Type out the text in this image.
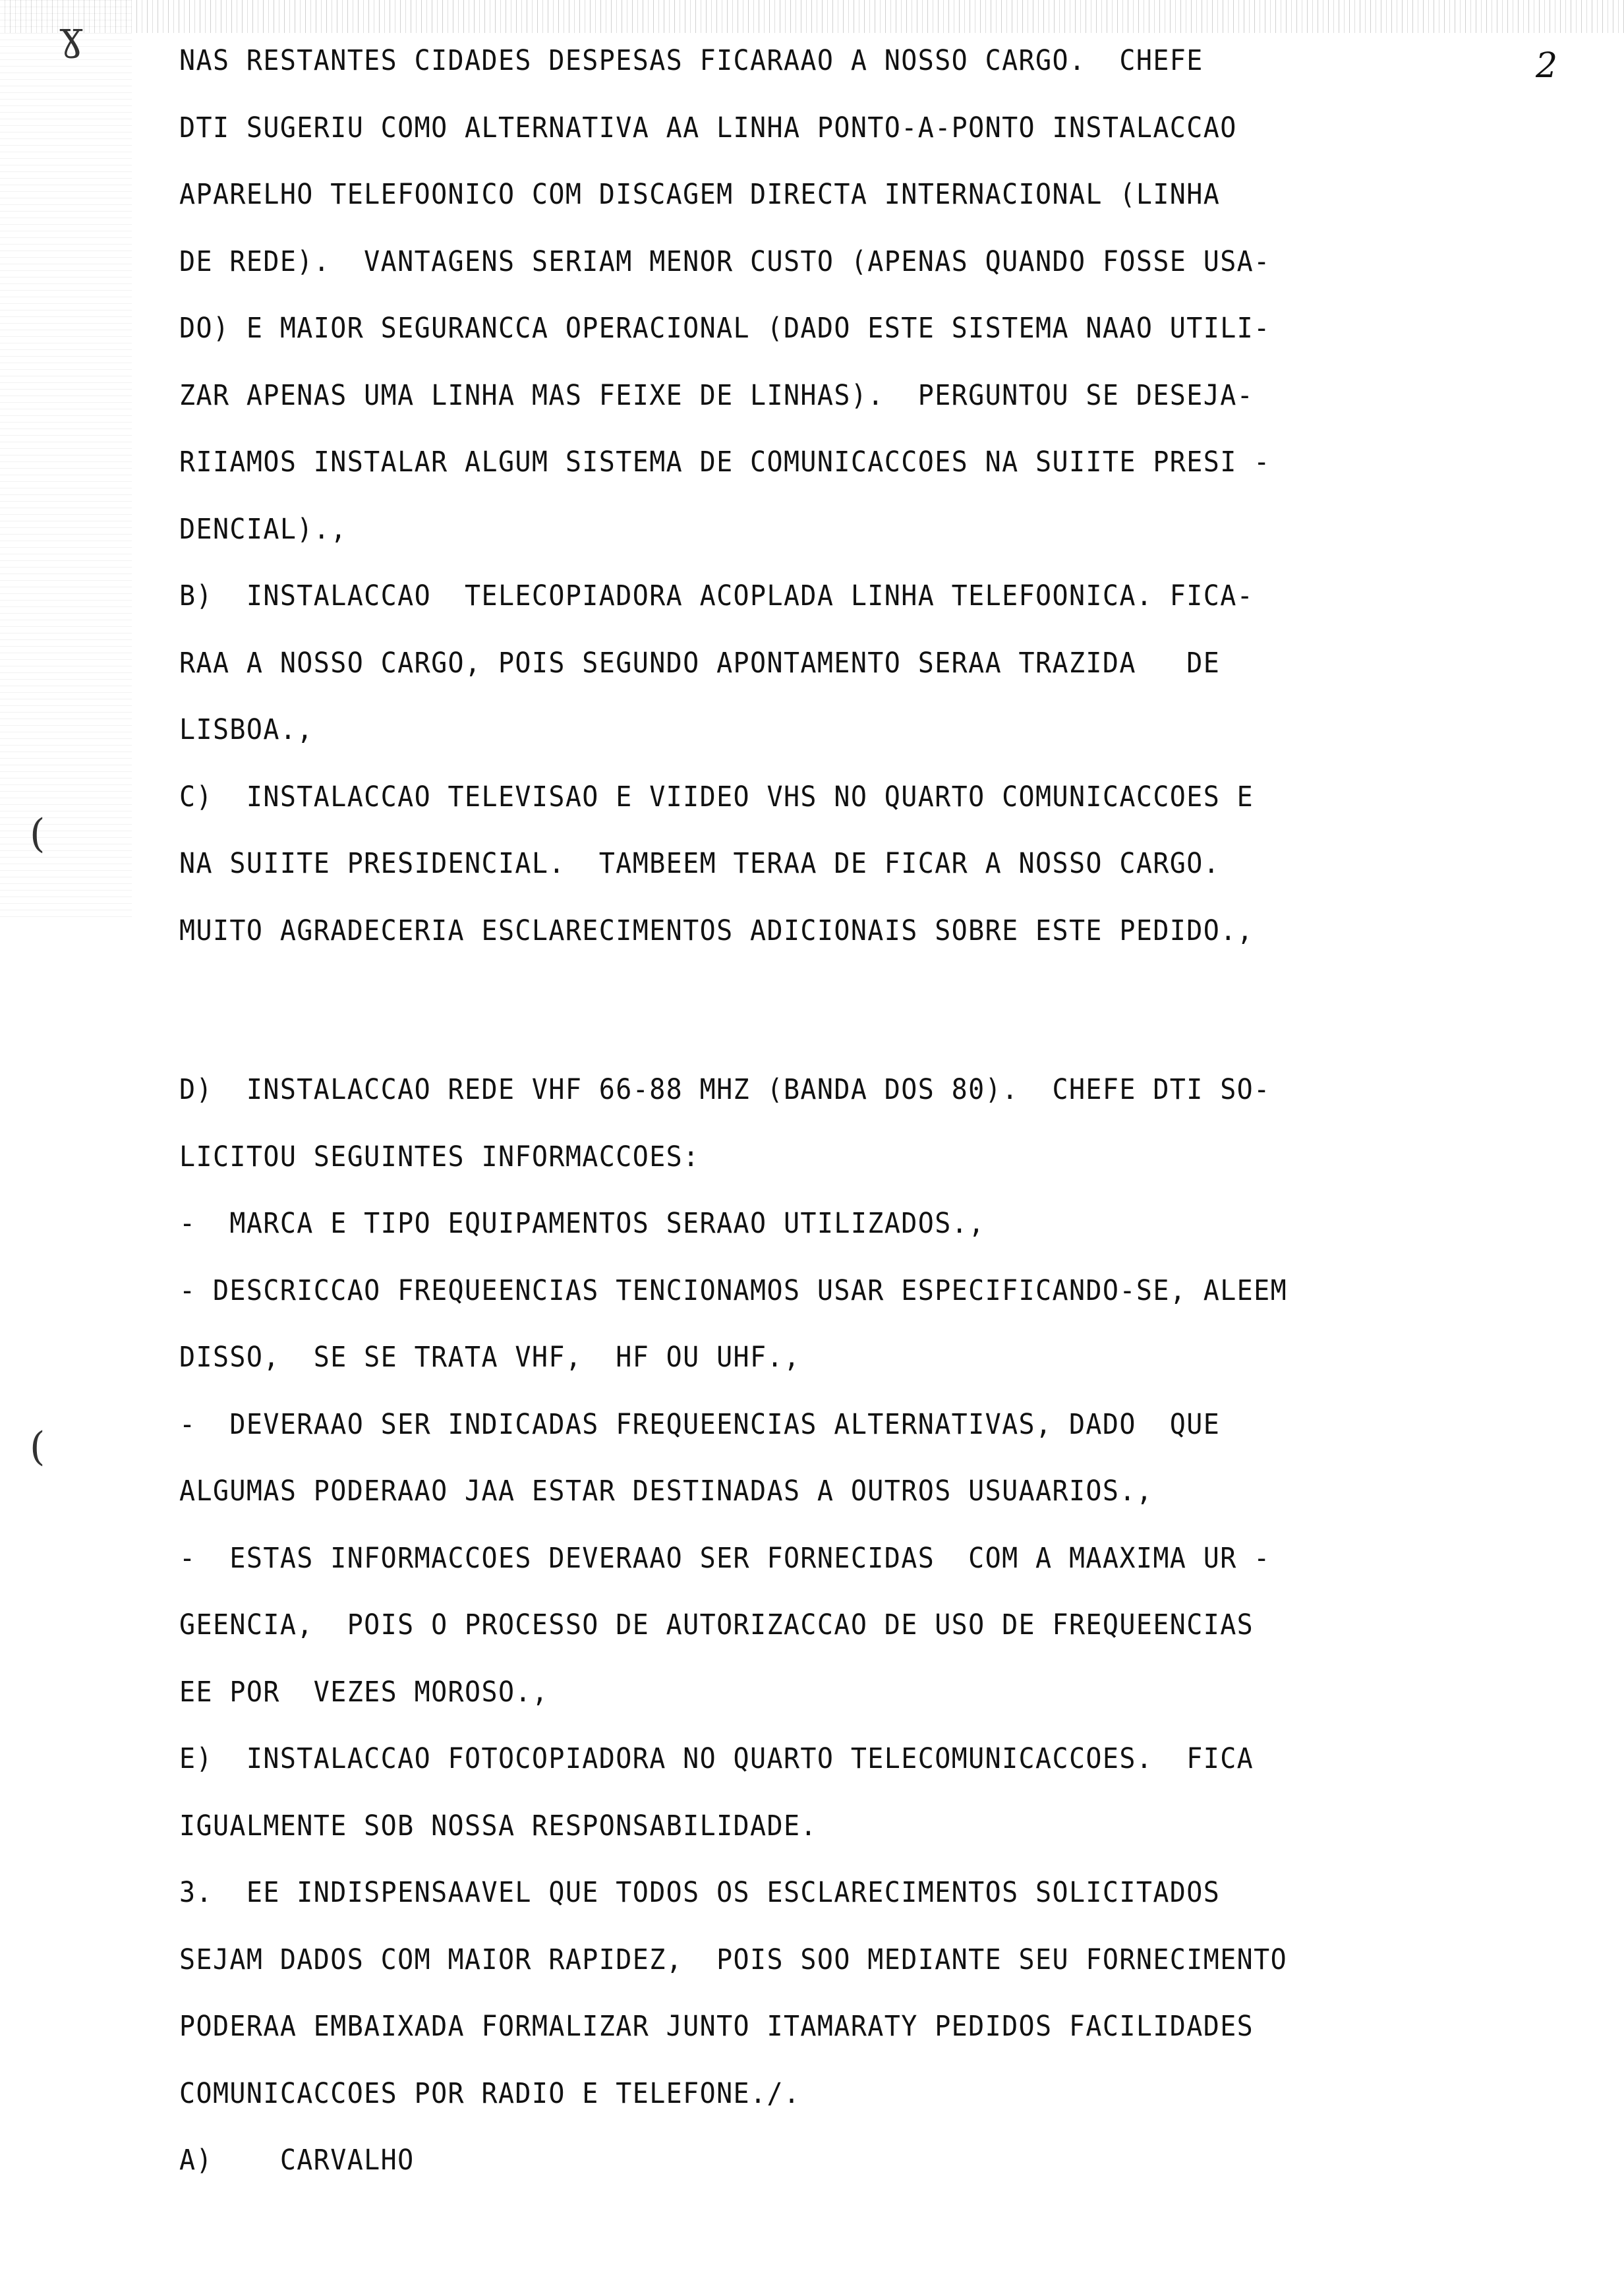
2
ɣ
(
(
NAS RESTANTES CIDADES DESPESAS FICARAAO A NOSSO CARGO.  CHEFE
DTI SUGERIU COMO ALTERNATIVA AA LINHA PONTO-A-PONTO INSTALACCAO
APARELHO TELEFOONICO COM DISCAGEM DIRECTA INTERNACIONAL (LINHA
DE REDE).  VANTAGENS SERIAM MENOR CUSTO (APENAS QUANDO FOSSE USA-
DO) E MAIOR SEGURANCCA OPERACIONAL (DADO ESTE SISTEMA NAAO UTILI-
ZAR APENAS UMA LINHA MAS FEIXE DE LINHAS).  PERGUNTOU SE DESEJA-
RIIAMOS INSTALAR ALGUM SISTEMA DE COMUNICACCOES NA SUIITE PRESI -
DENCIAL).,
B)  INSTALACCAO  TELECOPIADORA ACOPLADA LINHA TELEFOONICA. FICA-
RAA A NOSSO CARGO, POIS SEGUNDO APONTAMENTO SERAA TRAZIDA   DE
LISBOA.,
C)  INSTALACCAO TELEVISAO E VIIDEO VHS NO QUARTO COMUNICACCOES E
NA SUIITE PRESIDENCIAL.  TAMBEEM TERAA DE FICAR A NOSSO CARGO.
MUITO AGRADECERIA ESCLARECIMENTOS ADICIONAIS SOBRE ESTE PEDIDO.,
D)  INSTALACCAO REDE VHF 66-88 MHZ (BANDA DOS 80).  CHEFE DTI SO-
LICITOU SEGUINTES INFORMACCOES:
-  MARCA E TIPO EQUIPAMENTOS SERAAO UTILIZADOS.,
- DESCRICCAO FREQUEENCIAS TENCIONAMOS USAR ESPECIFICANDO-SE, ALEEM
DISSO,  SE SE TRATA VHF,  HF OU UHF.,
-  DEVERAAO SER INDICADAS FREQUEENCIAS ALTERNATIVAS, DADO  QUE
ALGUMAS PODERAAO JAA ESTAR DESTINADAS A OUTROS USUAARIOS.,
-  ESTAS INFORMACCOES DEVERAAO SER FORNECIDAS  COM A MAAXIMA UR -
GEENCIA,  POIS O PROCESSO DE AUTORIZACCAO DE USO DE FREQUEENCIAS
EE POR  VEZES MOROSO.,
E)  INSTALACCAO FOTOCOPIADORA NO QUARTO TELECOMUNICACCOES.  FICA
IGUALMENTE SOB NOSSA RESPONSABILIDADE.
3.  EE INDISPENSAAVEL QUE TODOS OS ESCLARECIMENTOS SOLICITADOS
SEJAM DADOS COM MAIOR RAPIDEZ,  POIS SOO MEDIANTE SEU FORNECIMENTO
PODERAA EMBAIXADA FORMALIZAR JUNTO ITAMARATY PEDIDOS FACILIDADES
COMUNICACCOES POR RADIO E TELEFONE./.
A)    CARVALHO
